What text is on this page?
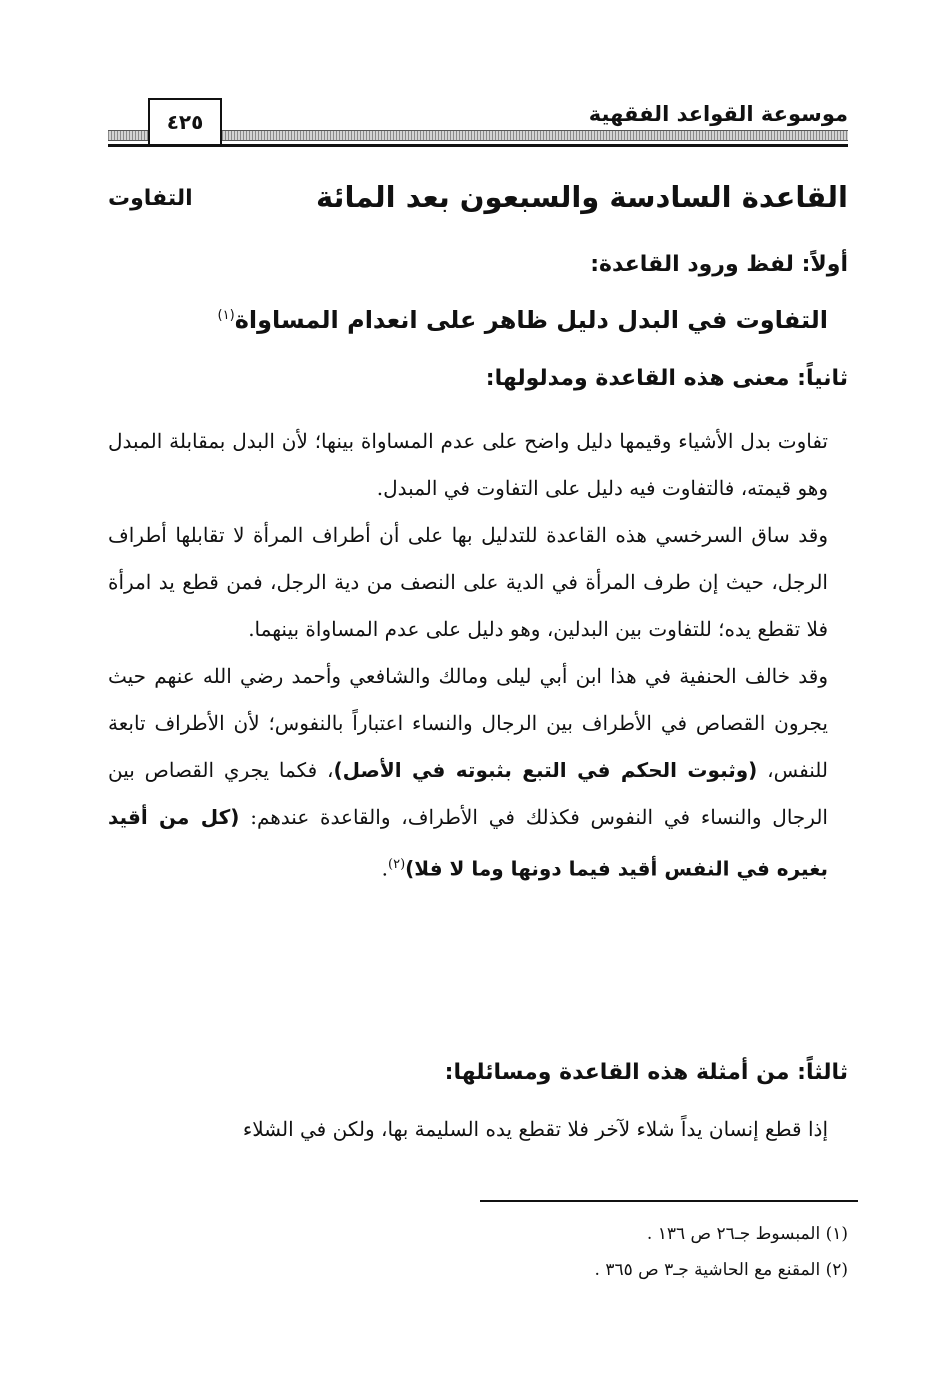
موسوعة القواعد الفقهية
٤٢٥
القاعدة السادسة والسبعون بعد المائة
التفاوت
أولاً: لفظ ورود القاعدة:
التفاوت في البدل دليل ظاهر على انعدام المساواة$^{(١)}$
ثانياً: معنى هذه القاعدة ومدلولها:

تفاوت بدل الأشياء وقيمها دليل واضح على عدم المساواة بينها؛ لأن البدل بمقابلة المبدل وهو قيمته، فالتفاوت فيه دليل على التفاوت في المبدل.

وقد ساق السرخسي هذه القاعدة للتدليل بها على أن أطراف المرأة لا تقابلها أطراف الرجل، حيث إن طرف المرأة في الدية على النصف من دية الرجل، فمن قطع يد امرأة فلا تقطع يده؛ للتفاوت بين البدلين، وهو دليل على عدم المساواة بينهما.

وقد خالف الحنفية في هذا ابن أبي ليلى ومالك والشافعي وأحمد رضي الله عنهم حيث يجرون القصاص في الأطراف بين الرجال والنساء اعتباراً بالنفوس؛ لأن الأطراف تابعة للنفس، (وثبوت الحكم في التبع بثبوته في الأصل)، فكما يجري القصاص بين الرجال والنساء في النفوس فكذلك في الأطراف، والقاعدة عندهم: (كل من أقيد بغيره في النفس أقيد فيما دونها وما لا فلا)$^{(٢)}$.

ثالثاً: من أمثلة هذه القاعدة ومسائلها:

إذا قطع إنسان يداً شلاء لآخر فلا تقطع يده السليمة بها، ولكن في الشلاء

(١) المبسوط جـ٢٦ ص ١٣٦ .
(٢) المقنع مع الحاشية جـ٣ ص ٣٦٥ .
